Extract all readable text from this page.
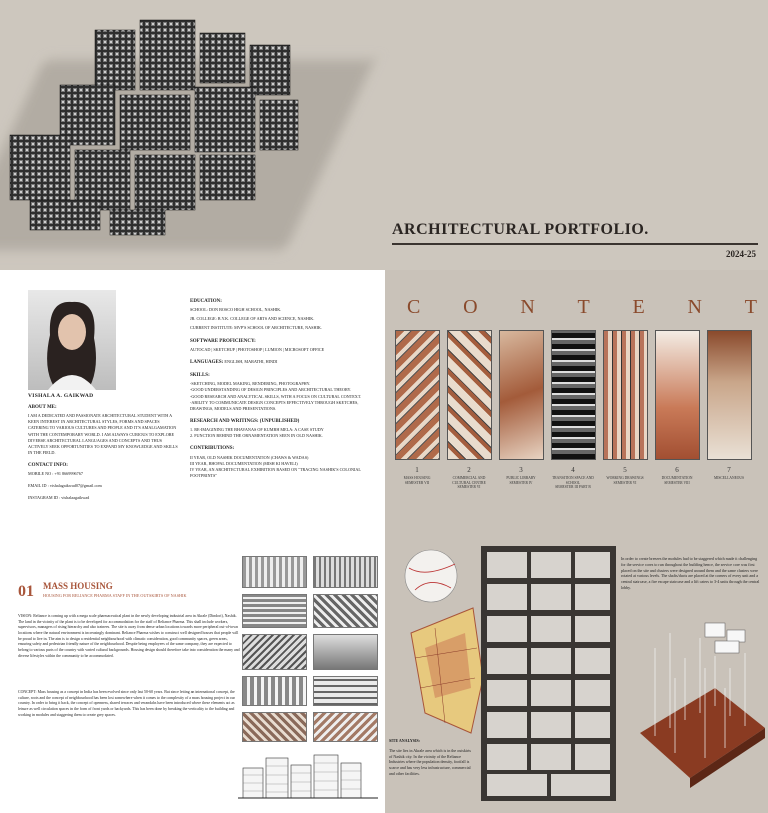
ARCHITECTURAL PORTFOLIO.
2024-25
VISHALA A. GAIKWAD
ABOUT ME:
I AM A DEDICATED AND PASSIONATE ARCHITECTURAL STUDENT WITH A KEEN INTEREST IN ARCHITECTURAL STYLES, FORMS AND SPACES CATERING TO VARIOUS CULTURES AND PEOPLE AND IT'S AMALGAMATION WITH THE CONTEMPORARY WORLD. I AM ALWAYS CURIOUS TO EXPLORE DIVERSE ARCHITECTURAL LANGUAGES AND CONCEPTS AND THUS ACTIVELY SEEK OPPORTUNITIES TO EXPAND MY KNOWLEDGE AND SKILLS IN THE FIELD.
CONTACT INFO:
MOBILE NO : +91 8669996767
EMAIL ID : vishalagaikwad07@gmail.com
INSTAGRAM ID : vishalaagaikwad
EDUCATION:
SCHOOL: DON BOSCO HIGH SCHOOL, NASHIK.
JR. COLLEGE: B.Y.K. COLLEGE OF ARTS AND SCIENCE, NASHIK.
CURRENT INSTITUTE: MVP'S SCHOOL OF ARCHITECTURE, NASHIK.
SOFTWARE PROFICIENCY:
AUTOCAD | SKETCHUP | PHOTOSHOP | LUMION | MICROSOFT OFFICE
LANGUAGES: ENGLISH, MARATHI, HINDI
SKILLS:
-SKETCHING, MODEL MAKING, RENDERING, PHOTOGRAPHY.
-GOOD UNDERSTANDING OF DESIGN PRINCIPLES AND ARCHITECTURAL THEORY.
-GOOD RESEARCH AND ANALYTICAL SKILLS, WITH A FOCUS ON CULTURAL CONTEXT.
-ABILITY TO COMMUNICATE DESIGN CONCEPTS EFFECTIVELY THROUGH SKETCHES, DRAWINGS, MODELS AND PRESENTATIONS.
RESEARCH AND WRITINGS: (UNPUBLISHED)
1. RE-IMAGINING THE BHAVANAS OF KUMBH MELA: A CASE STUDY
2. FUNCTION BEHIND THE ORNAMENTATION SEEN IN OLD NASHIK.
CONTRIBUTIONS:
II YEAR, OLD NASHIK DOCUMENTATION (CHAWS & WADAS)
III YEAR, BHOPAL DOCUMENTATION (MISH KI HAVELI)
IV YEAR, AN ARCHITECTURAL EXHIBITION BASED ON "TRACING NASHIK'S COLONIAL FOOTPRINTS"
C O N T E N T
1
MASS HOUSING
SEMESTER VII
2
COMMERCIAL AND CULTURAL CENTRE
SEMESTER VI
3
PUBLIC LIBRARY
SEMESTER IV
4
TRANSITION SPACE AND SCHOOL
SEMESTER III PART B
5
WORKING DRAWINGS
SEMESTER VI
6
DOCUMENTATION
SEMESTER VIII
7
MISCELLANEOUS

01 MASS HOUSING
HOUSING FOR RELIANCE PHARMA STAFF IN THE OUTSKIRTS OF NASHIK
VISION: Reliance is coming up with a mega scale pharmaceutical plant in the newly developing industrial area in Akrale (Dindori), Nashik. The land in the vicinity of the plant is to be developed for accommodation for the staff of Reliance Pharma. This shall include workers, supervisors, managers of rising hierarchy and also trainees. The site is away from dense urban locations towards more peripheral out-of-town locations where the natural environment is increasingly dominant. Reliance Pharma wishes to construct well designed houses that people will be proud to live in. The aim is to design a residential neighbourhood with climatic consideration, good community spaces, green areas, ensuring safety and pedestrian friendly nature of the neighbourhood. Despite being employees of the same company, they are expected to belong to various parts of the country with varied cultural backgrounds. Housing design should therefore take into consideration the many and diverse lifestyles within the community to be accommodated.
CONCEPT: Mass housing as a concept in India has been evolved since only last 50-60 years. But since letting an international concept, the culture, roots and the concept of neighbourhood has been lost somewhere when it comes to the complexity of a mass housing project in our country. In order to bring it back, the concept of openness, shared terraces and verandahs have been introduced where these elements act as leisure as well circulation spaces in the form of front yards or backyards. This has been done by breaking the verticality to the building and working in modules and staggering them to create grey spaces.
In order to create breezes the modules had to be staggered which made it challenging for the service cores to run throughout the building hence, the service core was first placed on the site and clusters were designed around them and the same clusters were rotated at various levels. The shafts/ducts are placed at the corners of every unit and a central staircase, a fire escape staircase and a lift caters to 3-4 units through the central lobby.
SITE ANALYSIS:
The site lies in Akrale area which is in the outskirts of Nashik city. In the vicinity of the Reliance Industries where the population density, footfall is scarce and has very less infrastructure, commercial and other facilities.
